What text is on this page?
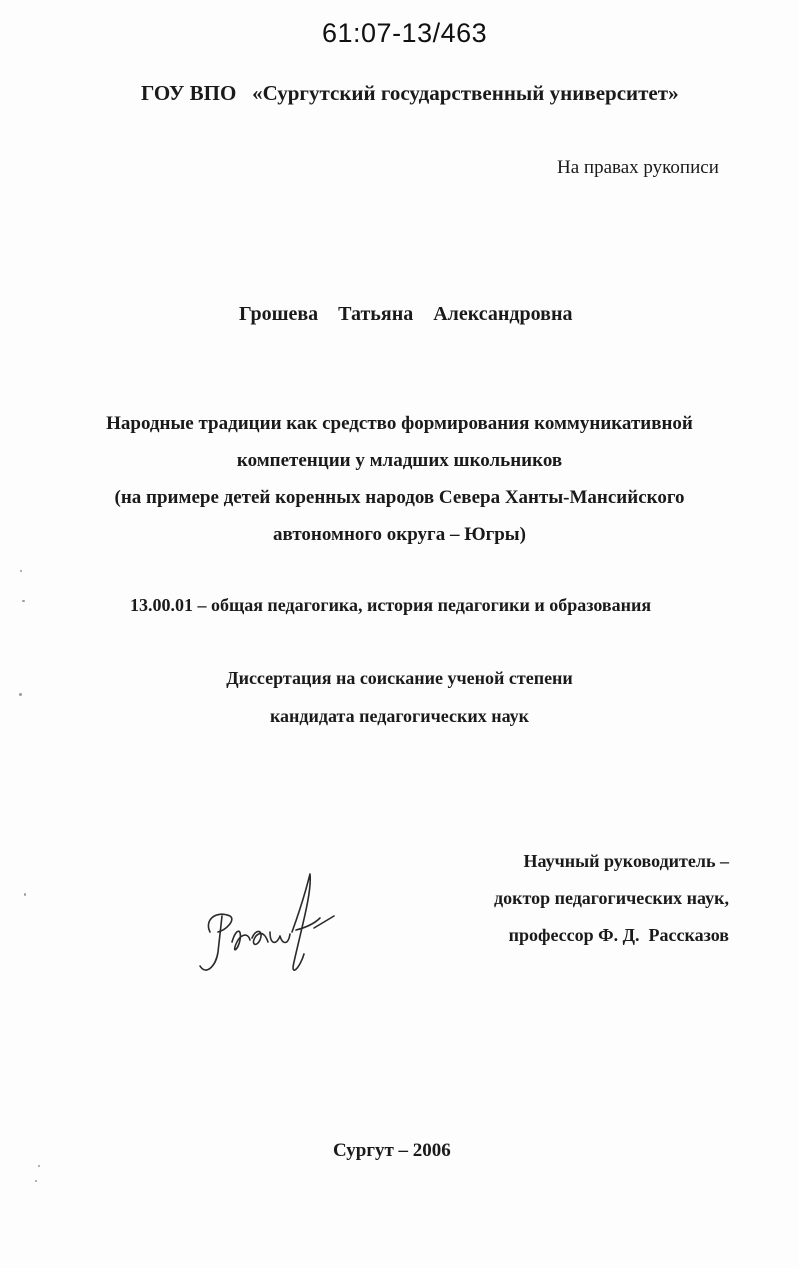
61:07-13/463
ГОУ ВПО   «Сургутский государственный университет»
На правах рукописи
Грошева  Татьяна  Александровна
Народные традиции как средство формирования коммуникативной
компетенции у младших школьников
(на примере детей коренных народов Севера Ханты-Мансийского
автономного округа – Югры)
13.00.01 – общая педагогика, история педагогики и образования
Диссертация на соискание ученой степени
кандидата педагогических наук
Научный руководитель –
доктор педагогических наук,
профессор Ф. Д.  Рассказов
Сургут – 2006
